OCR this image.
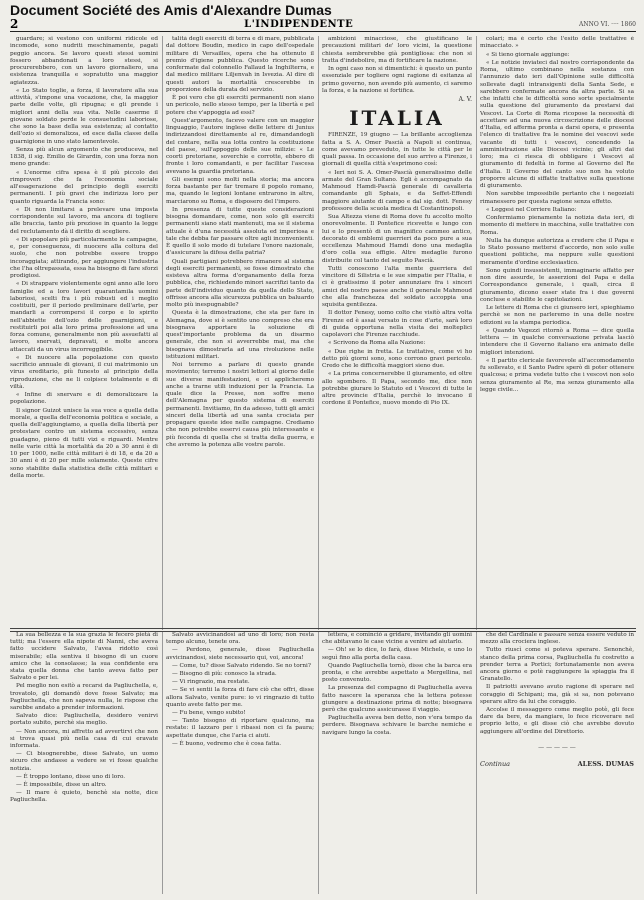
Document Société des Amis d'Alexandre Dumas
2	L'INDIPENDENTE	ANNO VI. ···· 1860

guardare; si vestono con uniformi ridicole ed incomode, sono nudriti meschinamente, pagati peggio ancora. Se lavoro questi stessi uomini fossero abbandonati a loro stessi, si procurerebbero, con un lavoro giornaliero, una esistenza tranquilla e sopratutto una maggior agiatezza.

« Lo Stato toglie, a forza, il lavoratore alla sua attività, s'impone una vocazione, che, la maggior parte delle volte, gli ripugna; e gli prende i migliori anni della sua vita. Nelle caserme il giovane soldato perde le consuetudini laboriose, che sono la base della sua esistenza; al contatto dell'ozio si demoralizza, ed esce dalla classe della guarnigione in uno stato lamentevole.

Senza più alcun argomento che produceva, nel 1838, il sig. Emilio de Girardin, con una forza non meno grande:

« L'enorme cifra spesa è il più piccolo dei rimproveri che fa l'economia sociale all'esagerazione del principio degli eserciti permanenti. I più gravi che indirizza loro per quanto riguarda la Francia sono:

« Di non limitarsi a prelevare una imposta corrispondente sul lavoro, ma ancora di togliere alle braccia, tanto più preziose in quanto la legge del reclutamento dà il diritto di scegliere.

« Di spopolare più particolarmente le campagne, e, per conseguenza, di nuocere alla coltura del suolo, che non potrebbe essere troppo incoraggiata; attirando, per aggiungere l'industria che l'ha oltrepassata, essa ha bisogno di fare sforzi prodigiosi.

« Di strappare violentemente ogni anno alle loro famiglie ed a loro lavori quarantamila uomini laboriosi, scelti fra i più robusti ed i meglio costituiti, per il periodo preliminare dell'arte, per mandarli a corrompersi il corpo e lo spirito nell'abbiette dell'ozio delle guarnigioni, e restituirli poi alla loro prima professione ad una forza comune, generalmente non più assuefatti al lavoro, snervati, depravati, e molte ancora attaccati da un virus incorreggibile.

« Di nuocere alla popolazione con questo sacrificio annuale di giovani, il cui matrimonio un virus ereditario, più funesto al principio della riproduzione, che ne li colpisce totalmente e di viltà.

« Infine di snervare e di demoralizzare la popolazione.

Il signor Guizot unisce la sua voce a quella della morale, a quella dell'economia politica e sociale, a quella dell'aggiungiamo, a quella della libertà per protestare contro un sistema eccessivo, senza guadagno, pieno di tutti vizi e riguardi. Mentre nelle varie città la mortalità da 20 a 30 anni è di 10 per 1000, nelle città militari è di 18, e da 20 a 30 anni è di 20 per mille solamente. Queste cifre sono stabilite dalla statistica delle città militari e della morte.

talità degli eserciti di terra e di mare, pubblicata dal dottore Boudin, medico in capo dell'ospedale militare di Versailles, opera che ha ottenuto il premio d'igiene pubblica. Questo ricerche sono confermate dal colonnello Fallaud la Inghilterra, e dal medico militare Liljenvah in Isvezia. Al dire di questi autori la mortalità crescerebbe in proporzione della durata del servizio.

È poi vero che gli eserciti permanenti non siano un pericolo, nello stesso tempo, per la libertà e pel potere che v'appoggia ad essi?

Quest'argomento, facevo valere con un maggior linguaggio, l'autore inglese delle lettere di Junius indirizzandosi direttamente al re, dimandandogli del contare, nella sua lotta contro la costituzione del paese, sull'appoggio delle sue milizie: « Le coorti pretoriane, soverchie e corrotte, ebbero di fronte i loro comandanti, e per facilitar l'ascesa avevano la guardia pretoriana.

Gli esempi sono molti nella storia; ma ancora forza bastante per far tremare il popolo romano, ma, quando le legioni lontane entrarono in altre, marciarono su Roma, e disposero del l'impero.

In presenza di tutte queste considerazioni bisogna domandare, come, non solo gli eserciti permanenti siano stati mantenuti, ma se il sistema attuale è d'una necessità assoluta ed imperiosa e tale che debba far passare oltre agli inconvenienti. È quello il solo modo di tutelare l'onore nazionale, d'assicurare la difesa della patria?

Quali partigiani potrebbero rimanere al sistema degli eserciti permanenti, se fosse dimostrato che esisteva altra forma d'organamento della forza pubblica, che, richiedendo minori sacrifizi tanto da parte dell'individuo quanto da quella dello Stato, offrisse ancora alla sicurezza pubblica un baluardo molto più inespugnabile?

Questa è la dimostrazione, che sta per fare in Alemagna, dove si è sentito uno compreso che era bisognava apportare la soluzione di quest'importante problema da un disarmo generale, che non si avverrebbe mai, ma che bisognava dimostrarla ad una rivoluzione nelle istituzioni militari.

Noi terremo a parlare di questo grande movimento; terremo i nostri lettori al giorno delle sue diverse manifestazioni, e ci applicheremo anche a trarne utili induzioni per la Francia. La quale dice la Presse, non soffre meno dell'Alemagna per questo sistema di eserciti permanenti. Invitiamo, fin da adesso, tutti gli amici sinceri della libertà ad una santa crociata per propagare queste idee nelle campagne. Crediamo che non potrebbe esservi causa più interessante e più feconda di quella che si tratta della guerra, e che avremo la potenza alle vostre parole.

ambizioni minacciose, che giustificano le precauzioni militari de' loro vicini, la questione chiesta sembrerebbe già pontigliosa: che non si tratta d'indebolire, ma di fortificare la nazione.

In ogni caso non si dimentichi: è questo un punto essenziale per togliere ogni ragione di esitanza al primo governo, non avendo più aumento, ci saremo la forza, e la nazione si fortifica.

A. V.
ITALIA

FIRENZE, 19 giugno — La brillante accoglienza fatta a S. A. Omer Pascià a Napoli si continua, come avevamo preveduto, in tutte le città per le quali passa. In occasione del suo arrivo a Firenze, i giornali di quella città s'esprimono così:

« Ieri noi S. A. Omer-Pascià generalissimo delle armate del Gran Sultano. Egli è accompagnato da Mahmoud Hamdi-Pascià generale di cavalleria comandante gli Sphais, e da Seffet-Effendi maggiore aiutante di campo e dal sig. dott. Fenesy professore della scuola medica di Costantinopoli.

Sua Altezza viene di Roma dove fu accolto molto onorevolmente. Il Pontefice ricevette e lungo con lui e lo presentò di un magnifico cammeo antico, decorato di emblemi guerrieri da poco pure a sua eccellenza Mahmoud Hamdi dono una medaglia d'oro colla sua effigie. Altre medaglie furono distribuite col tanto del seguito Pascià.

Tutti conoscono l'alta mente guerriera del vincitore di Silistria e le sue simpatie per l'Italia, e ci è gratissimo il poter annunziare fra i sinceri amici del nostro paese anche il generale Mahmoud che alla franchezza del soldato accoppia una squisita gentilezza.

Il dottor Fenesy, uomo colto che visitò altra volta Firenze ed è assai versato in cose d'arte, sarà loro di guida opportuna nella visita dei molteplici capolavori che Firenze racchiude.

« Scrivono da Roma alla Nazione:

« Due righe in fretta. Le trattative, come vi ho detto più giorni sono, sono corrono gravi pericolo. Credo che le difficoltà maggiori sieno due.

« La prima concernerebbe il giuramento, ed oltre allo sgombero. Il Papa, secondo me, dice non potrebbe giurare lo Statuto ed i Vescovi di tutte le altre provincie d'Italia, perchè lo invocano il cordone il Pontefice, nuovo mondo di Pio IX.

colari; ma è certo che l'esito delle trattative è minacciato. »

« Si tieno giornale aggiunge:

« Le notizie inviateci dal nostro corrispondente da Roma, ultimo combinano nella sostanza con l'annunzio dato ieri dall'Opinione sulle difficoltà sollevate dagli intransigenti della Santa Sede, e sarebbero confermate ancora da altra parte. Si sa che infatti che le difficoltà sono sorte specialmente sulla questione del giuramento da prestarsi dai Vescovi. La Corte di Roma ricopose la necessità di accettare ad una nuova circoscrizione delle diocesi d'Italia, ed afferma pronta a darsi opera, e presenta l'elenco di trattative fra le nomine dei vescovi sede vacante di tutti i vescovi, concedendo la amministrazione alle Diocesi vicinie; gli altri dai loro; ma ci riesca di obbligare i Vescovi al giuramento di fedeltà in forme al Governo del Re d'Italia. Il Governo del canto suo non ha voluto proporre alcune di siffatte trattative sulla questione di giuramento.

Non sarebbe impossibile pertanto che i negoziati rimanessero per questa ragione senza effetto.

« Leggesi nel Corriere Italiano:

Confermiamo pienamente la notizia data ieri, di momento di mettere in macchina, sulle trattative con Roma.

Nulla ha dunque autorizza a credere che il Papa e lo Stato possano mettersi d'accordo, non solo sulle questioni politiche, ma neppure sulle questioni meramente d'ordine ecclesiastico.

Sono quindi insussistenti, immaginarie affatto per non dire assurde, le asserzioni del Papa e della Correspondance generale, i quali, circa il giuramento, dicono esser state fra i due governi concluse e stabilite le capitolazioni.

Le lettere di Roma che ci giunsero ieri, spieghiamo perchè se non ne parleremo in una delle nostre edizioni su la stampa periodica.

« Quando Vegezzi ritornò a Roma — dice quella lettera — in qualche conversazione privata lasciò intendere che il Governo italiano era animato delle migliori intenzioni.

« Il partito clericale favorevole all'accomodamento fu sollevato, e il Santo Padre sperò di poter ottenere qualcosa; e prima vedete tutto che i vescovi non solo senza giuramento al Re, ma senza giuramento alla legge civile...

La sua bellezza e la sua grazia le fecero pietà di tutti; ma l'essere ella nipote di Nanni, che aveva fatto uccidere Salvato, l'avea ridotto così miserabile; ella sentiva il bisogno di un cuore amico che la consolasse; la sua confidente era stata quella donna che tanto aveva fatto per Salvato e per lei.

Pel meglio non esitò a recarsi da Pagliuchella, e, trovatolo, gli domandò dove fosse Salvato; ma Pagliuchella, che non sapeva nulla, le rispose che sarebbe andato a prender informazioni.

Salvato dice: Pagliuchella, desidero venirvi portato subito, perchè sia meglio.

— Non ancora, mi affretto ad avvertirvi che non si trova quasi più nella casa di cui eravate informata.

— Ci bisognerebbe, disse Salvato, un uomo sicuro che andasse a vedere se vi fosse qualche notizia.

— È troppo lontano, disse uno di loro.

— È impossibile, disse un altro.

— Il mare è quieto, benchè sia notte, dice Pagliuchella.

Salvato avvicinandosi ad uno di loro; non resta tempo alcuno, tenete ora.

— Perdono, generale, disse Pagliuchella avvicinandosi, siete necessario qui, voi, ancora!

— Come, tu? disse Salvato ridendo. Se no torni?

— Bisogno di più: conosco la strada.

— Vi ringrazio, ma restate.

— Se vi sentii la forza di fare ciò che offri, disse allora Salvato, venite pure: io vi ringrazio di tutto quanto avete fatto per me.

— Fu bene, vengo subito!

— Tanto bisogno di riportare qualcuno, ma restate: il lazzaro per i ribassi non ci fa paura; aspettate dunque, che l'aria ci aiuti.

— È buono, vedremo che è cosa fatta.

lettera, e cominciò a gridare, invitando gli uomini che abitavano le case vicine a venire ad aiutarlo.

— Oh! se lo dice, lo farà, disse Michele, e uno lo seguì fino alla porta della casa.

Quando Pagliuchella tornò, disse che la barca era pronta, e che avrebbe aspettato a Mergellina, nel posto convenuto.

La presenza del compagno di Pagliuchella aveva fatto nascere la speranza che la lettera potesse giungere a destinazione prima di notte; bisognava però che qualcuno assicurasse il viaggio.

Pagliuchella aveva ben detto, non v'era tempo da perdere. Bisognava schivare le barche nemiche e navigare lungo la costa.

che del Cardinale e passare senza essere veduto in mezzo alla crociera inglese.

Tutto riuscì come si poteva sperare. Senonchè, stanco della prima corsa, Pagliuchella fu costretto a prender terra a Portici; fortunatamente non aveva ancora giorno e potè raggiungere la spiaggia fra il Granatello.

Il patriotti avevano avuto ragione di sperare nel coraggio di Schipani; ma, già si sa, non potevano sperare altro da lui che coraggio.

Accolse il messaggero come meglio potè, gli fece dare da bere, da mangiare, lo fece ricoverare nel proprio letto, e gli disse ciò che avrebbe dovuto aggiungere all'ordine del Direttorio.

— — — — —
Continua	ALESS. DUMAS
